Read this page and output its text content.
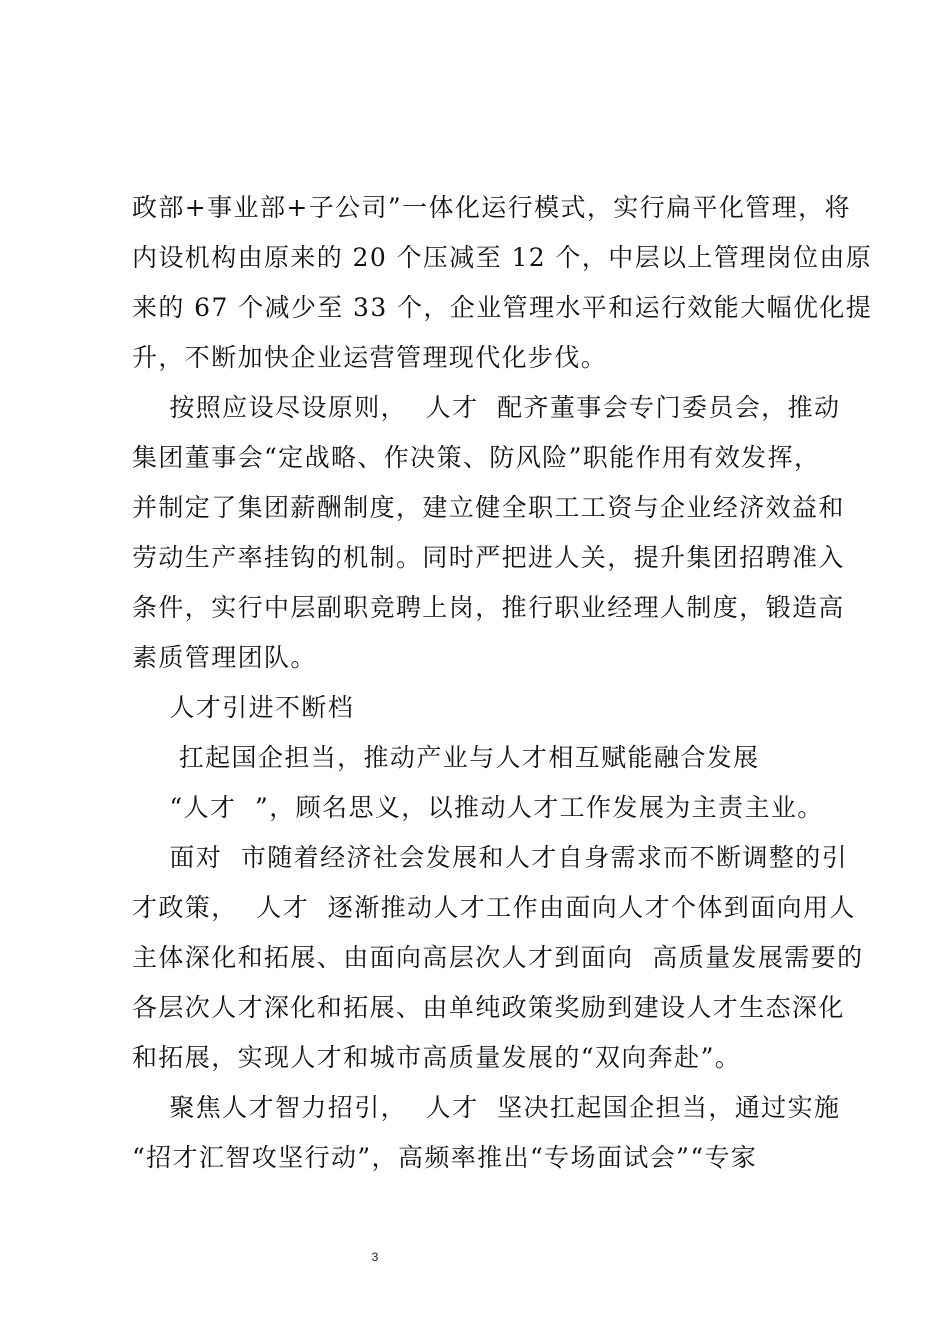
政部+事业部+子公司”一体化运行模式，实行扁平化管理，将
内设机构由原来的 20 个压减至 12 个，中层以上管理岗位由原
来的 67 个减少至 33 个，企业管理水平和运行效能大幅优化提
升，不断加快企业运营管理现代化步伐。
按照应设尽设原则，  人才  配齐董事会专门委员会，推动
集团董事会“定战略、作决策、防风险”职能作用有效发挥，
并制定了集团薪酬制度，建立健全职工工资与企业经济效益和
劳动生产率挂钩的机制。同时严把进人关，提升集团招聘准入
条件，实行中层副职竞聘上岗，推行职业经理人制度，锻造高
素质管理团队。
人才引进不断档
扛起国企担当，推动产业与人才相互赋能融合发展
“人才  ”，顾名思义，以推动人才工作发展为主责主业。
面对  市随着经济社会发展和人才自身需求而不断调整的引
才政策，  人才  逐渐推动人才工作由面向人才个体到面向用人
主体深化和拓展、由面向高层次人才到面向  高质量发展需要的
各层次人才深化和拓展、由单纯政策奖励到建设人才生态深化
和拓展，实现人才和城市高质量发展的“双向奔赴”。
聚焦人才智力招引，  人才  坚决扛起国企担当，通过实施
“招才汇智攻坚行动”，高频率推出“专场面试会”“专家
3
